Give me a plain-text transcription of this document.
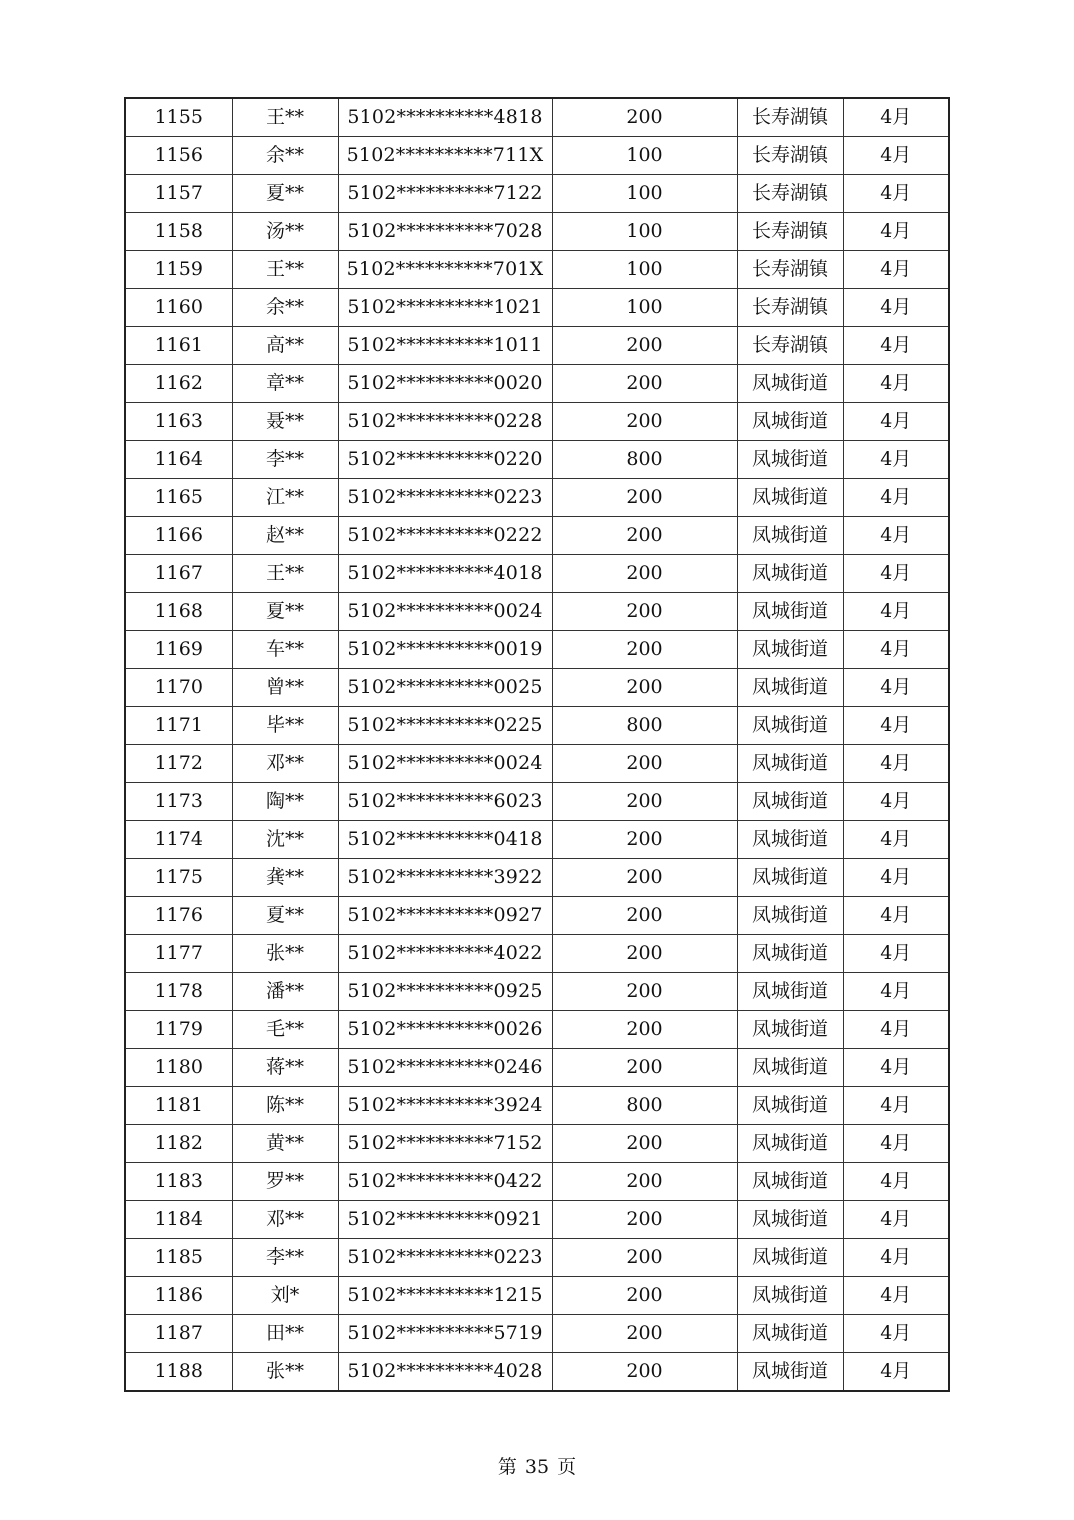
1155	王**	5102**********4818	200	长寿湖镇	4月
1156	余**	5102**********711X	100	长寿湖镇	4月
1157	夏**	5102**********7122	100	长寿湖镇	4月
1158	汤**	5102**********7028	100	长寿湖镇	4月
1159	王**	5102**********701X	100	长寿湖镇	4月
1160	余**	5102**********1021	100	长寿湖镇	4月
1161	高**	5102**********1011	200	长寿湖镇	4月
1162	章**	5102**********0020	200	凤城街道	4月
1163	聂**	5102**********0228	200	凤城街道	4月
1164	李**	5102**********0220	800	凤城街道	4月
1165	江**	5102**********0223	200	凤城街道	4月
1166	赵**	5102**********0222	200	凤城街道	4月
1167	王**	5102**********4018	200	凤城街道	4月
1168	夏**	5102**********0024	200	凤城街道	4月
1169	车**	5102**********0019	200	凤城街道	4月
1170	曾**	5102**********0025	200	凤城街道	4月
1171	毕**	5102**********0225	800	凤城街道	4月
1172	邓**	5102**********0024	200	凤城街道	4月
1173	陶**	5102**********6023	200	凤城街道	4月
1174	沈**	5102**********0418	200	凤城街道	4月
1175	龚**	5102**********3922	200	凤城街道	4月
1176	夏**	5102**********0927	200	凤城街道	4月
1177	张**	5102**********4022	200	凤城街道	4月
1178	潘**	5102**********0925	200	凤城街道	4月
1179	毛**	5102**********0026	200	凤城街道	4月
1180	蒋**	5102**********0246	200	凤城街道	4月
1181	陈**	5102**********3924	800	凤城街道	4月
1182	黄**	5102**********7152	200	凤城街道	4月
1183	罗**	5102**********0422	200	凤城街道	4月
1184	邓**	5102**********0921	200	凤城街道	4月
1185	李**	5102**********0223	200	凤城街道	4月
1186	刘*	5102**********1215	200	凤城街道	4月
1187	田**	5102**********5719	200	凤城街道	4月
1188	张**	5102**********4028	200	凤城街道	4月
第 35 页
